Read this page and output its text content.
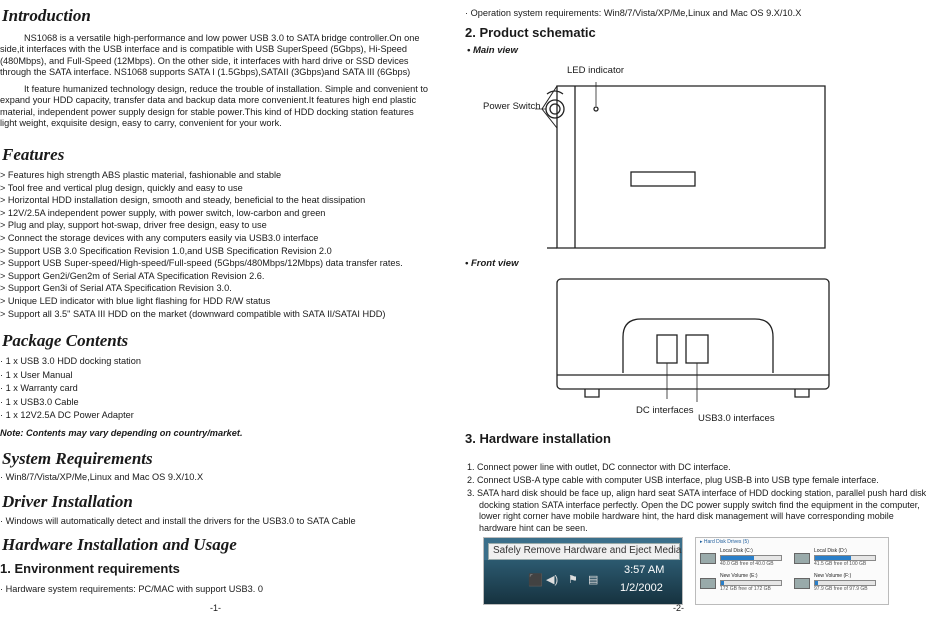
Introduction

NS1068 is a versatile high-performance and low power USB 3.0 to SATA bridge controller.On one side,it interfaces with the USB interface and is compatible with USB SuperSpeed (5Gbps), Hi-Speed (480Mbps), and Full-Speed (12Mbps). On the other side, it interfaces with hard drive or SSD devices through the SATA interface. NS1068 supports SATA I (1.5Gbps),SATAII (3Gbps)and SATA III (6Gbps)

It feature humanized technology design, reduce the trouble of installation. Simple and convenient to expand your HDD capacity, transfer data and backup data more convenient.It features high end plastic material, independent power supply design for stable power.This kind of HDD docking station features light weight, exquisite design, easy to carry, convenient for your work.

Features

> Features high strength ABS plastic material, fashionable and stable

> Tool free and vertical plug design, quickly and easy to use

> Horizontal HDD installation design, smooth and steady, beneficial to the heat dissipation

> 12V/2.5A independent power supply, with power switch, low-carbon and green

> Plug and play, support hot-swap, driver free design, easy to use

> Connect the storage devices with any computers easily via USB3.0 interface

> Support USB 3.0 Specification Revision 1.0,and USB Specification Revision 2.0

> Support USB Super-speed/High-speed/Full-speed (5Gbps/480Mbps/12Mbps) data transfer rates.

> Support Gen2i/Gen2m of Serial ATA Specification Revision 2.6.

> Support Gen3i of Serial ATA Specification Revision 3.0.

> Unique LED indicator with blue light flashing for HDD R/W status

> Support all 3.5" SATA III HDD on the market (downward compatible with SATA II/SATAI HDD)

Package Contents

· 1 x USB 3.0 HDD docking station

· 1 x User Manual

· 1 x Warranty card

· 1 x USB3.0 Cable

· 1 x 12V2.5A DC Power Adapter

Note: Contents may vary depending on country/market.

System Requirements

· Win8/7/Vista/XP/Me,Linux and Mac OS 9.X/10.X

Driver Installation

· Windows will automatically detect and install the drivers for the USB3.0 to SATA Cable

Hardware Installation and Usage

1. Environment requirements

· Hardware system requirements: PC/MAC with support USB3. 0

-1-

· Operation system requirements: Win8/7/Vista/XP/Me,Linux and Mac OS 9.X/10.X

2. Product schematic

• Main view
LED indicator
Power Switch
• Front view
DC interfaces
USB3.0 interfaces

3. Hardware installation

1. Connect power line with outlet, DC connector with DC interface.

2. Connect USB-A type cable with computer USB interface, plug USB-B into USB type female interface.

3. SATA hard disk should be face up, align hard seat SATA interface of HDD docking station, parallel push hard disk docking station SATA interface perfectly. Open the DC power supply switch find the equipment in the computer, lower right corner have mobile hardware hint, the hard disk management will have corresponding mobile hardware hint can be seen.

Safely Remove Hardware and Eject Media
⬛ ◀) ⚑ ▤
3:57 AM
1/2/2002
▸ Hard Disk Drives (5)
Local Disk (C:)
40.0 GB free of 40.0 GB
Local Disk (D:)
41.5 GB free of 100 GB
New Volume (E:)
172 GB free of 172 GB
New Volume (F:)
97.9 GB free of 97.9 GB
-2-
